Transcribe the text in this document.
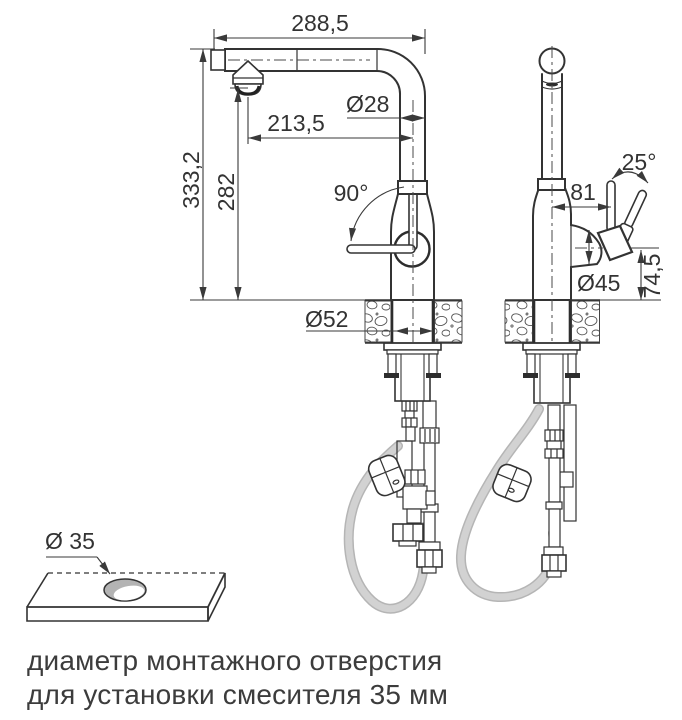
288,5
333,2 282
213,5
Ø28
90°
Ø52
25°
81
Ø45 74,5
Ø 35
диаметр монтажного отверстия
для установки смесителя 35 мм
